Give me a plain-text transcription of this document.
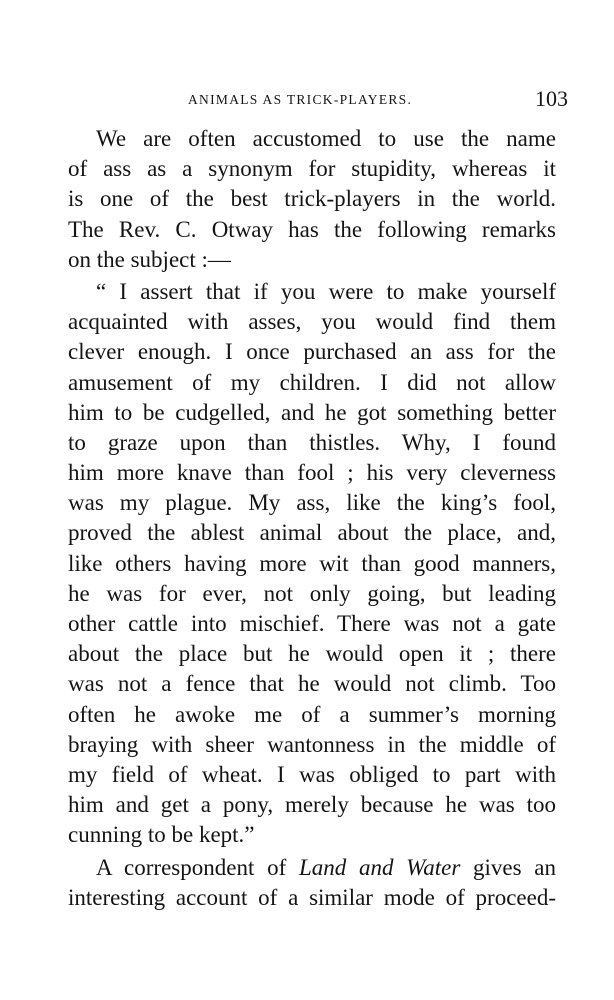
ANIMALS AS TRICK-PLAYERS.	103
We are often accustomed to use the name
of ass as a synonym for stupidity, whereas it
is one of the best trick-players in the world.
The Rev. C. Otway has the following remarks
on the subject :—
“ I assert that if you were to make yourself
acquainted with asses, you would find them
clever enough. I once purchased an ass for the
amusement of my children. I did not allow
him to be cudgelled, and he got something better
to graze upon than thistles. Why, I found
him more knave than fool ; his very cleverness
was my plague. My ass, like the king’s fool,
proved the ablest animal about the place, and,
like others having more wit than good manners,
he was for ever, not only going, but leading
other cattle into mischief. There was not a gate
about the place but he would open it ; there
was not a fence that he would not climb. Too
often he awoke me of a summer’s morning
braying with sheer wantonness in the middle of
my field of wheat. I was obliged to part with
him and get a pony, merely because he was too
cunning to be kept.”
A correspondent of Land and Water gives an
interesting account of a similar mode of proceed-
